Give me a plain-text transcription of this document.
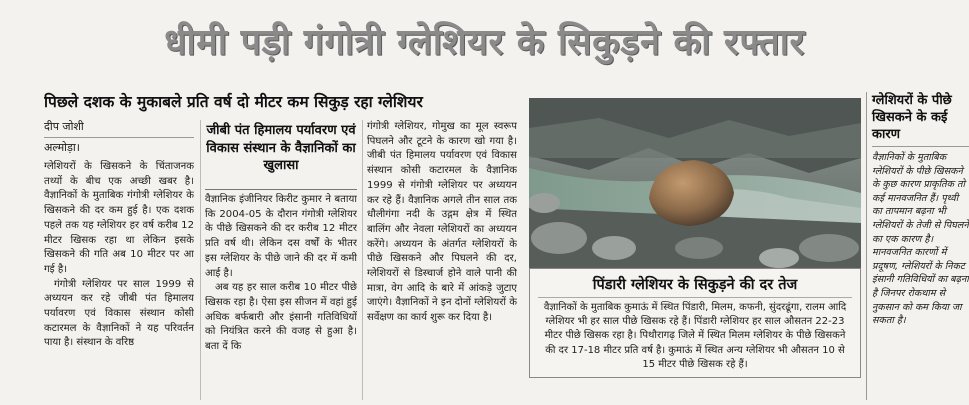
धीमी पड़ी गंगोत्री ग्लेशियर के सिकुड़ने की रफ्तार
पिछले दशक के मुकाबले प्रति वर्ष दो मीटर कम सिकुड़ रहा ग्लेशियर
दीप जोशी
अल्मोड़ा।

ग्लेशियरों के खिसकने के चिंताजनक तथ्यों के बीच एक अच्छी खबर है। वैज्ञानिकों के मुताबिक गंगोत्री ग्लेशियर के खिसकने की दर कम हुई है। एक दशक पहले तक यह ग्लेशियर हर वर्ष करीब 12 मीटर खिसक रहा था लेकिन इसके खिसकने की गति अब 10 मीटर पर आ गई है।

गंगोत्री ग्लेशियर पर साल 1999 से अध्ययन कर रहे जीबी पंत हिमालय पर्यावरण एवं विकास संस्थान कोसी कटारमल के वैज्ञानिकों ने यह परिवर्तन पाया है। संस्थान के वरिष्ठ

जीबी पंत हिमालय पर्यावरण एवं विकास संस्थान के वैज्ञानिकों का खुलासा

वैज्ञानिक इंजीनियर किरीट कुमार ने बताया कि 2004-05 के दौरान गंगोत्री ग्लेशियर के पीछे खिसकने की दर करीब 12 मीटर प्रति वर्ष थी। लेकिन दस वर्षों के भीतर इस ग्लेशियर के पीछे जाने की दर में कमी आई है।

अब यह हर साल करीब 10 मीटर पीछे खिसक रहा है। ऐसा इस सीजन में वहां हुई अधिक बर्फबारी और इंसानी गतिविधियों को नियंत्रित करने की वजह से हुआ है। बता दें कि

गंगोत्री ग्लेशियर, गोमुख का मूल स्वरूप पिघलने और टूटने के कारण खो गया है। जीबी पंत हिमालय पर्यावरण एवं विकास संस्थान कोसी कटारमल के वैज्ञानिक 1999 से गंगोत्री ग्लेशियर पर अध्ययन कर रहे हैं। वैज्ञानिक अगले तीन साल तक धौलीगंगा नदी के उद्गम क्षेत्र में स्थित बालिंग और नेवला ग्लेशियरों का अध्ययन करेंगे। अध्ययन के अंतर्गत ग्लेशियरों के पीछे खिसकने और पिघलने की दर, ग्लेशियरों से डिस्चार्ज होने वाले पानी की मात्रा, वेग आदि के बारे में आंकड़े जुटाए जाएंगे। वैज्ञानिकों ने इन दोनों ग्लेशियरों के सर्वेक्षण का कार्य शुरू कर दिया है।

पिंडारी ग्लेशियर के सिकुड़ने की दर तेज
वैज्ञानिकों के मुताबिक कुमाऊं में स्थित पिंडारी, मिलम, कफनी, सुंदरढूंगा, रालम आदि ग्लेशियर भी हर साल पीछे खिसक रहे हैं। पिंडारी ग्लेशियर हर साल औसतन 22-23 मीटर पीछे खिसक रहा है। पिथौरागढ़ जिले में स्थित मिलम ग्लेशियर के पीछे खिसकने की दर 17-18 मीटर प्रति वर्ष है। कुमाऊं में स्थित अन्य ग्लेशियर भी औसतन 10 से 15 मीटर पीछे खिसक रहे हैं।
ग्लेशियरों के पीछे खिसकने के कई कारण
वैज्ञानिकों के मुताबिक ग्लेशियरों के पीछे खिसकने के कुछ कारण प्राकृतिक तो कई मानवजनित हैं। पृथ्वी का तापमान बढ़ना भी ग्लेशियरों के तेजी से पिघलने का एक कारण है। मानवजनित कारणों में प्रदूषण, ग्लेशियरों के निकट इंसानी गतिविधियों का बढ़ना है जिनपर रोकथाम से नुकसान को कम किया जा सकता है।
